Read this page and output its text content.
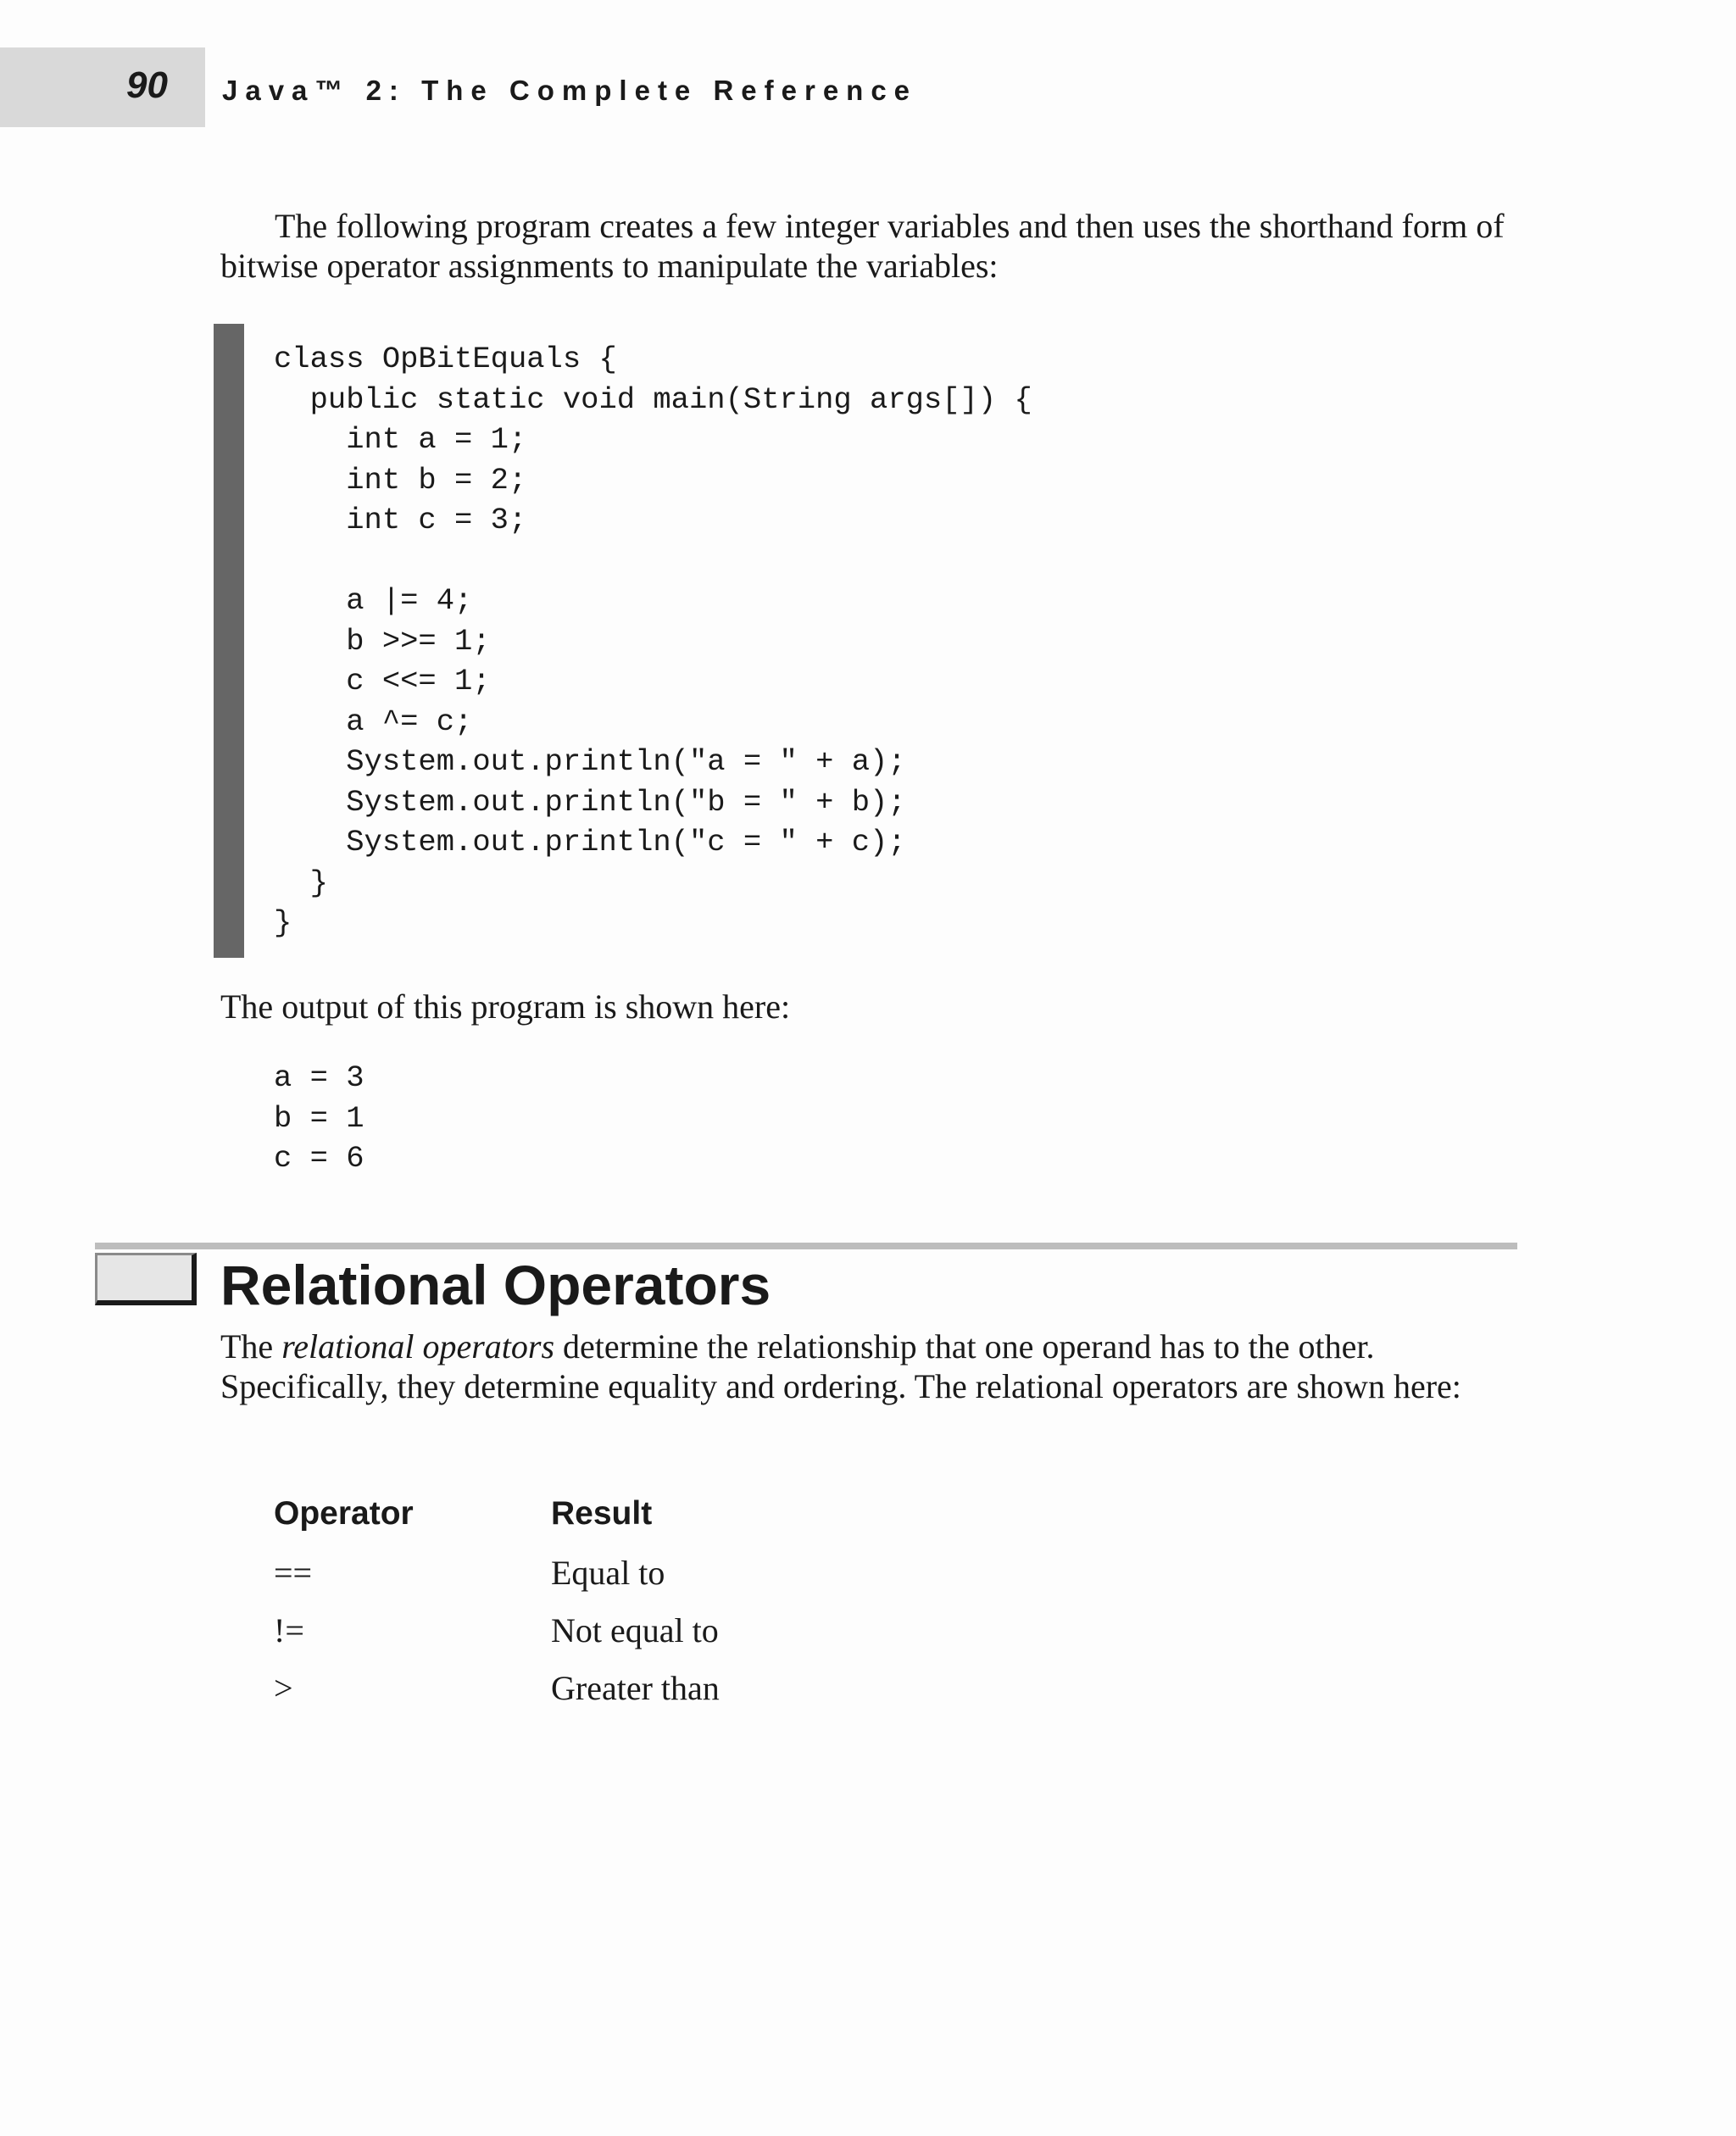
90 Java™ 2: The Complete Reference

The following program creates a few integer variables and then uses the shorthand form of bitwise operator assignments to manipulate the variables:

class OpBitEquals {
public static void main(String args[]) {
int a = 1;
int b = 2;
int c = 3;

a |= 4;
b >>= 1;
c <<= 1;
a ^= c;
System.out.println("a = " + a);
System.out.println("b = " + b);
System.out.println("c = " + c);
}
}

The output of this program is shown here:

a = 3
b = 1
c = 6
Relational Operators

The relational operators determine the relationship that one operand has to the other. Specifically, they determine equality and ordering. The relational operators are shown here:

Operator	Result
==	Equal to
!=	Not equal to
>	Greater than
